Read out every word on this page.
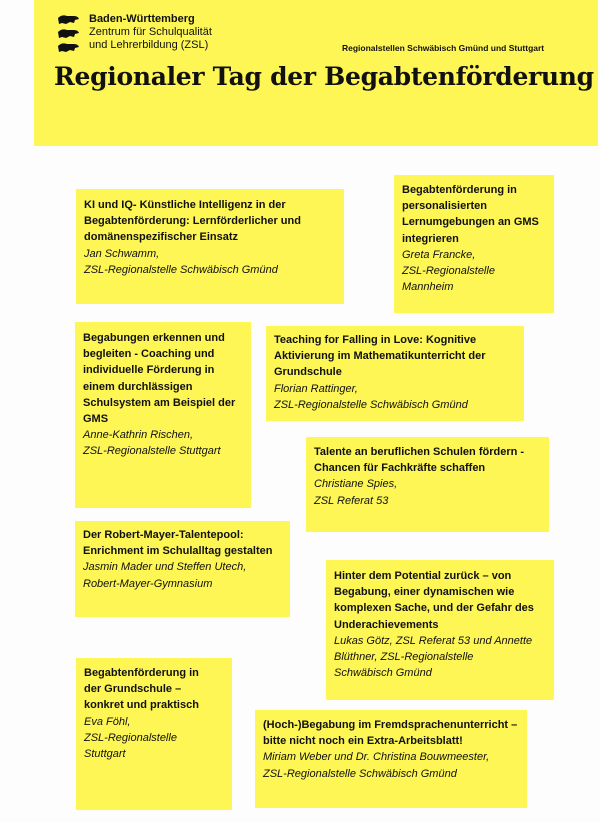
Baden-Württemberg
Zentrum für Schulqualität
und Lehrerbildung (ZSL)	Regionalstellen Schwäbisch Gmünd und Stuttgart
Regionaler Tag der Begabtenförderung
KI und IQ- Künstliche Intelligenz in der Begabtenförderung: Lernförderlicher und domänenspezifischer Einsatz
Jan Schwamm,
ZSL-Regionalstelle Schwäbisch Gmünd
Begabtenförderung in personalisierten Lernumgebungen an GMS integrieren
Greta Francke,
ZSL-Regionalstelle Mannheim
Begabungen erkennen und begleiten - Coaching und individuelle Förderung in einem durchlässigen Schulsystem am Beispiel der GMS
Anne-Kathrin Rischen,
ZSL-Regionalstelle Stuttgart
Teaching for Falling in Love: Kognitive Aktivierung im Mathematikunterricht der Grundschule
Florian Rattinger,
ZSL-Regionalstelle Schwäbisch Gmünd
Talente an beruflichen Schulen fördern - Chancen für Fachkräfte schaffen
Christiane Spies,
ZSL Referat 53
Der Robert-Mayer-Talentepool: Enrichment im Schulalltag gestalten
Jasmin Mader und Steffen Utech,
Robert-Mayer-Gymnasium
Hinter dem Potential zurück – von Begabung, einer dynamischen wie komplexen Sache, und der Gefahr des Underachievements
Lukas Götz, ZSL Referat 53 und Annette Blüthner, ZSL-Regionalstelle
Schwäbisch Gmünd
Begabtenförderung in der Grundschule – konkret und praktisch
Eva Föhl,
ZSL-Regionalstelle Stuttgart
(Hoch-)Begabung im Fremdsprachenunterricht – bitte nicht noch ein Extra-Arbeitsblatt!
Miriam Weber und Dr. Christina Bouwmeester,
ZSL-Regionalstelle Schwäbisch Gmünd
